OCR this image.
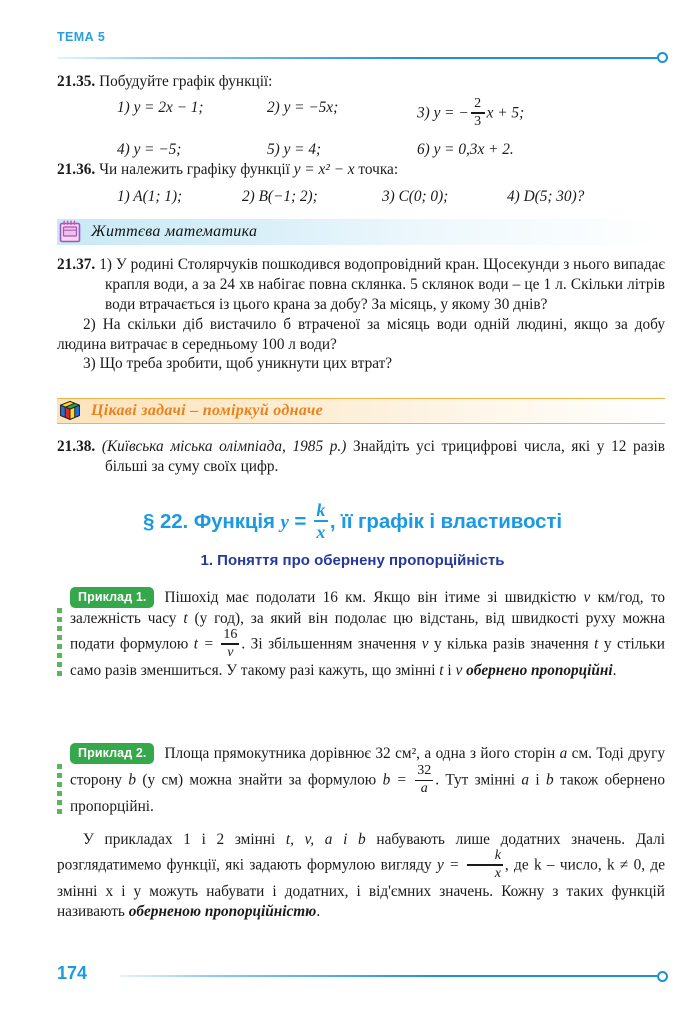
ТЕМА 5
21.35. Побудуйте графік функції:
1) y = 2x − 1;	2) y = −5x;	3) y = − $\frac{2}{3}$ x + 5;
4) y = −5;	5) y = 4;	6) y = 0,3x + 2.
21.36. Чи належить графіку функції y = x² − x точка:
1) A(1; 1);	2) B(−1; 2);	3) C(0; 0);	4) D(5; 30)?
Життєва математика
21.37. 1) У родині Столярчуків пошкодився водопровідний кран. Щосекунди з нього випадає крапля води, а за 24 хв набігає повна склянка. 5 склянок води – це 1 л. Скільки літрів води втрачається із цього крана за добу? За місяць, у якому 30 днів?
2) На скільки діб вистачило б втраченої за місяць води одній людині, якщо за добу людина витрачає в середньому 100 л води?
3) Що треба зробити, щоб уникнути цих втрат?
Цікаві задачі – поміркуй одначе
21.38. (Київська міська олімпіада, 1985 р.) Знайдіть усі трицифрові числа, які у 12 разів більші за суму своїх цифр.
§ 22. Функція $y = \frac{k}{x}$ , її графік і властивості
1. Поняття про обернену пропорційність
Приклад 1. Пішохід має подолати 16 км. Якщо він ітиме зі швидкістю v км/год, то залежність часу t (у год), за який він подолає цю відстань, від швидкості руху можна подати формулою $t = \frac{16}{v}$ . Зі збільшенням значення v у кілька разів значення t у стільки само разів зменшиться. У такому разі кажуть, що змінні t і v обернено пропорційні.
Приклад 2. Площа прямокутника дорівнює 32 см², а одна з його сторін a см. Тоді другу сторону b (у см) можна знайти за формулою $b = \frac{32}{a}$ . Тут змінні a і b також обернено пропорційні.
У прикладах 1 і 2 змінні t, v, a і b набувають лише додатних значень. Далі розглядатимемо функції, які задають формулою вигляду $y = \frac{k}{x}$ , де k – число, k ≠ 0, де змінні x і y можуть набувати і додатних, і від'ємних значень. Кожну з таких функцій називають оберненою пропорційністю.
174
